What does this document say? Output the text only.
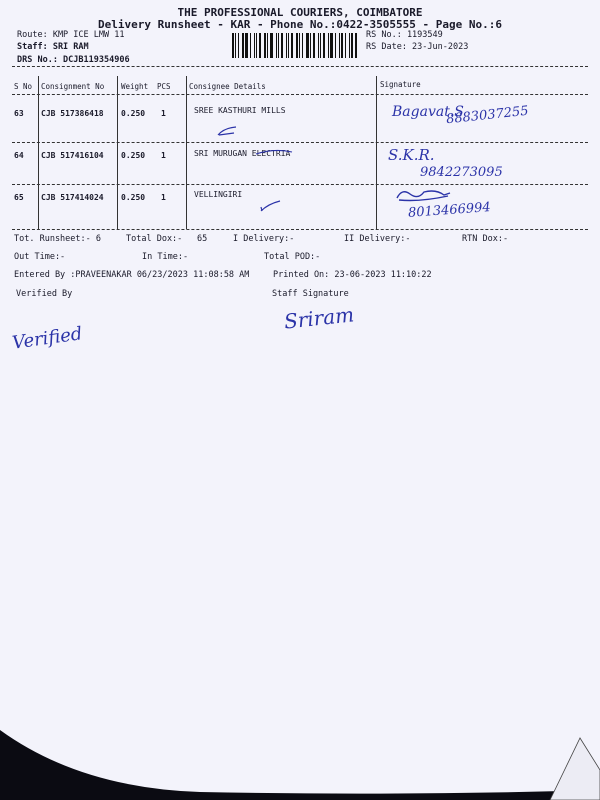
THE PROFESSIONAL COURIERS, COIMBATORE
Delivery Runsheet - KAR - Phone No.:0422-3505555 - Page No.:6
Route: KMP ICE LMW 11
Staff: SRI RAM
DRS No.: DCJB119354906
RS No.: 1193549
RS Date: 23-Jun-2023
S No Consignment No Weight PCS Consignee Details	Signature
63 CJB 517386418 0.250 1	SREE KASTHURI MILLS	Bagavat.S
8883037255
64 CJB 517416104 0.250 1	SRI MURUGAN ELECTRIA	S.K.R.
9842273095
65 CJB 517414024 0.250 1	VELLINGIRI
8013466994
Tot. Runsheet:- 6	Total Dox:- 65	I Delivery:-	II Delivery:-	RTN Dox:-
Out Time:-	In Time:-	Total POD:-
Entered By :PRAVEENAKAR 06/23/2023 11:08:58 AM	Printed On: 23-06-2023 11:10:22
Verified By	Staff Signature
Verified
Sriram
